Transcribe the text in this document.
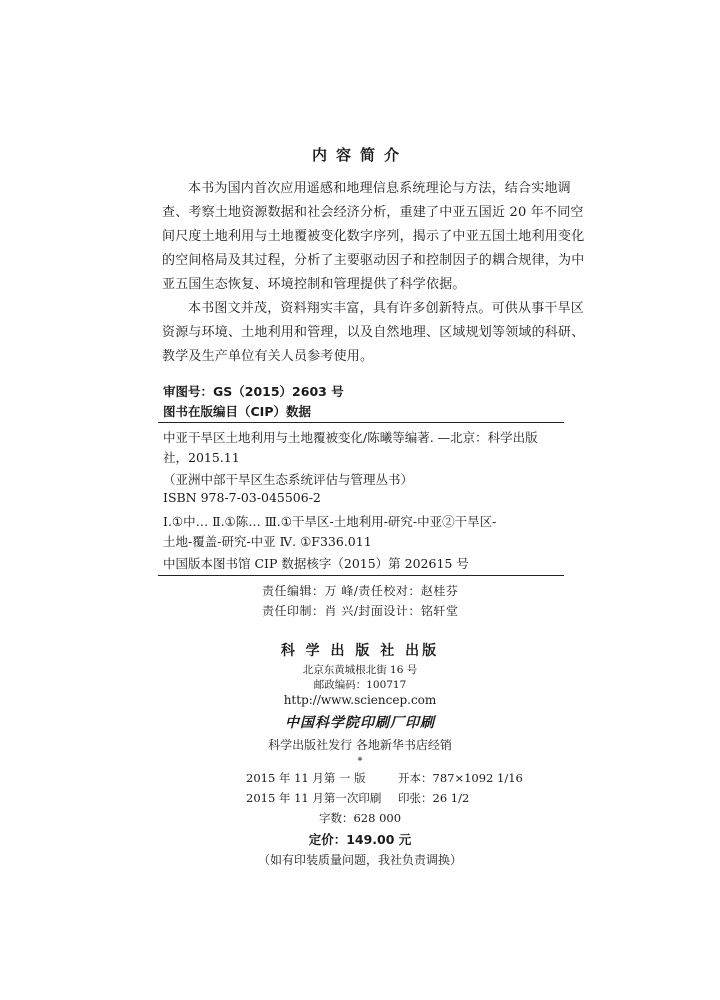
内容简介
本书为国内首次应用遥感和地理信息系统理论与方法，结合实地调
查、考察土地资源数据和社会经济分析，重建了中亚五国近 20 年不同空
间尺度土地利用与土地覆被变化数字序列，揭示了中亚五国土地利用变化
的空间格局及其过程，分析了主要驱动因子和控制因子的耦合规律，为中
亚五国生态恢复、环境控制和管理提供了科学依据。
本书图文并茂，资料翔实丰富，具有许多创新特点。可供从事干旱区
资源与环境、土地利用和管理，以及自然地理、区域规划等领域的科研、
教学及生产单位有关人员参考使用。
审图号：GS（2015）2603 号
图书在版编目（CIP）数据
中亚干旱区土地利用与土地覆被变化/陈曦等编著. —北京：科学出版
社，2015.11
（亚洲中部干旱区生态系统评估与管理丛书）
ISBN 978-7-03-045506-2
Ⅰ.①中… Ⅱ.①陈… Ⅲ.①干旱区-土地利用-研究-中亚②干旱区-
土地-覆盖-研究-中亚 Ⅳ. ①F336.011
中国版本图书馆 CIP 数据核字（2015）第 202615 号
责任编辑：万 峰/责任校对：赵桂芬
责任印制：肖 兴/封面设计：铭轩堂
科 学 出 版 社 出版
北京东黄城根北街 16 号
邮政编码：100717
http://www.sciencep.com
中国科学院印刷厂印刷
科学出版社发行 各地新华书店经销
*
2015 年 11 月第 一 版	开本：787×1092 1/16
2015 年 11 月第一次印刷 印张：26 1/2
字数：628 000
定价：149.00 元
（如有印装质量问题，我社负责调换）
